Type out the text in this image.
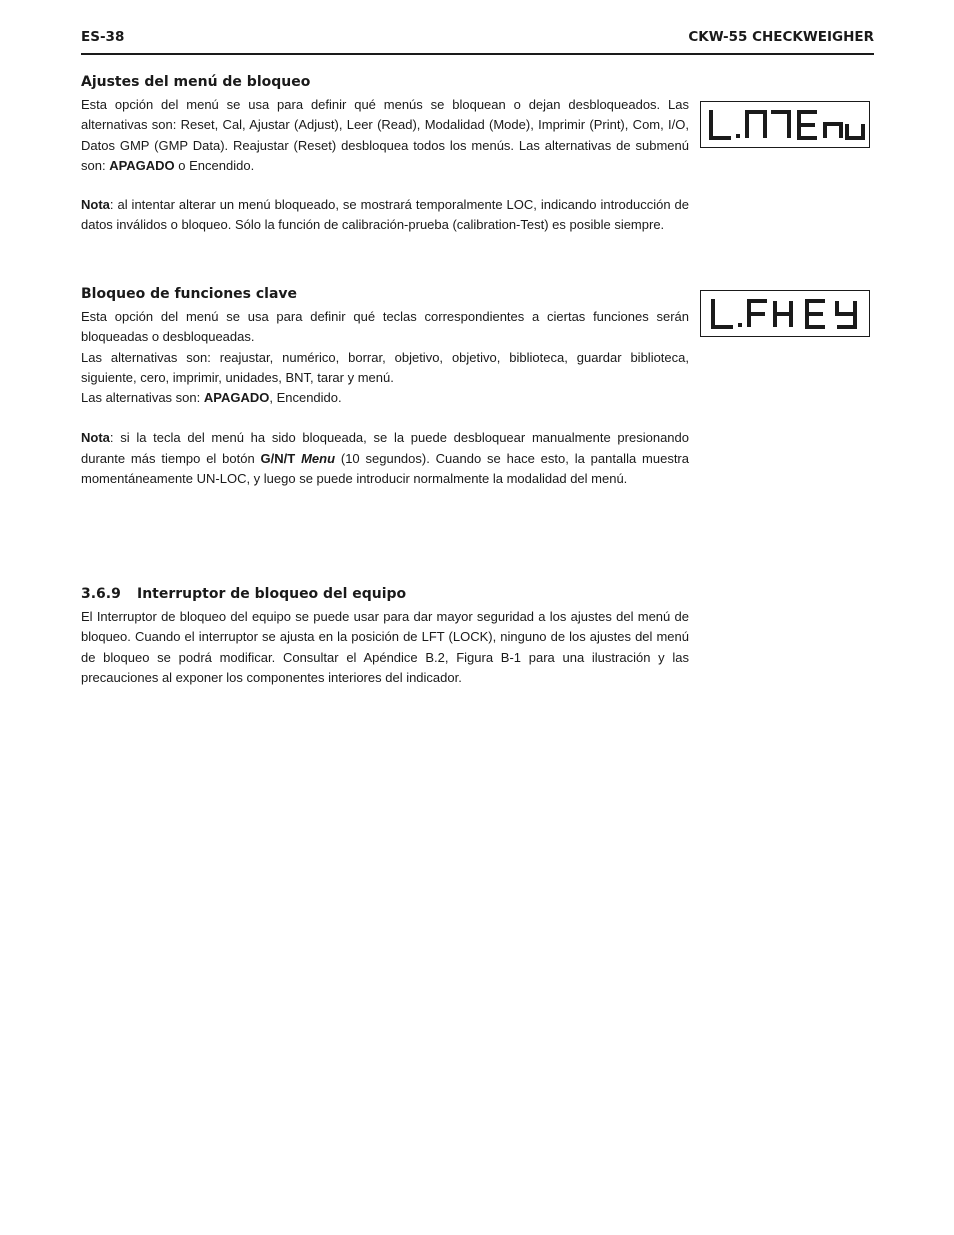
ES-38	CKW-55 CHECKWEIGHER
Ajustes del menú de bloqueo

Esta opción del menú se usa para definir qué menús se bloquean o dejan desbloqueados. Las alternativas son: Reset, Cal, Ajustar (Adjust), Leer (Read), Modalidad (Mode), Imprimir (Print), Com, I/O, Datos GMP (GMP Data). Reajustar (Reset) desbloquea todos los menús. Las alternativas de submenú son: APAGADO o Encendido.

Nota: al intentar alterar un menú bloqueado, se mostrará temporalmente LOC, indicando introducción de datos inválidos o bloqueo. Sólo la función de calibración-prueba (calibration-Test) es posible siempre.

Bloqueo de funciones clave

Esta opción del menú se usa para definir qué teclas correspondientes a ciertas funciones serán bloqueadas o desbloqueadas.

Las alternativas son: reajustar, numérico, borrar, objetivo, objetivo, biblioteca, guardar biblioteca, siguiente, cero, imprimir, unidades, BNT, tarar y menú.

Las alternativas son: APAGADO, Encendido.

Nota: si la tecla del menú ha sido bloqueada, se la puede desbloquear manualmente presionando durante más tiempo el botón G/N/T Menu (10 segundos). Cuando se hace esto, la pantalla muestra momentáneamente UN-LOC, y luego se puede introducir normalmente la modalidad del menú.

3.6.9 Interruptor de bloqueo del equipo

El Interruptor de bloqueo del equipo se puede usar para dar mayor seguridad a los ajustes del menú de bloqueo. Cuando el interruptor se ajusta en la posición de LFT (LOCK), ninguno de los ajustes del menú de bloqueo se podrá modificar. Consultar el Apéndice B.2, Figura B-1 para una ilustración y las precauciones al exponer los componentes interiores del indicador.
